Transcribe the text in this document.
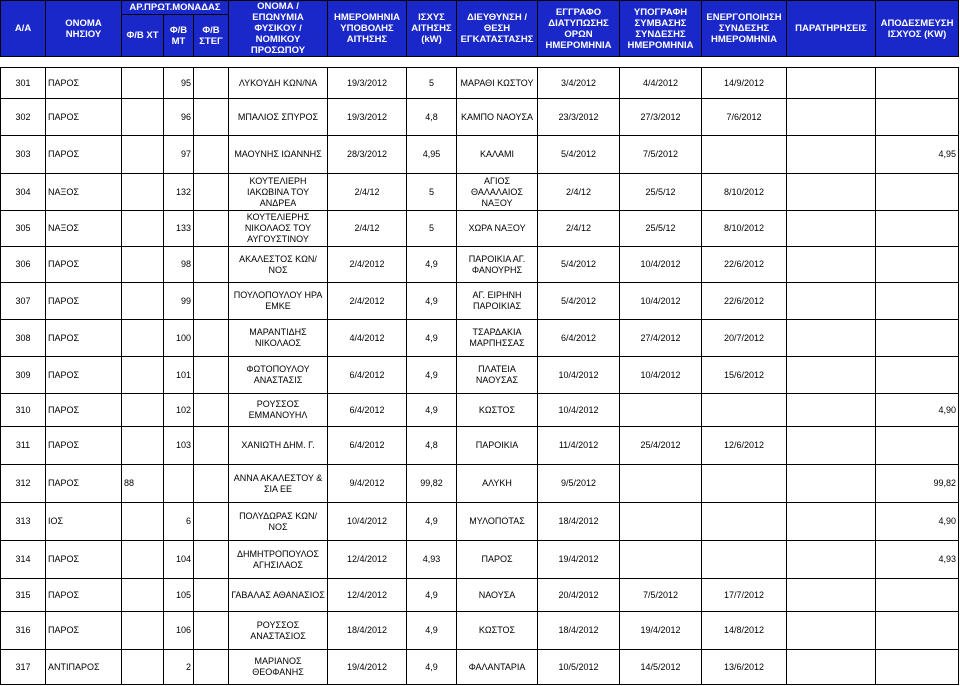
Α/Α	ΟΝΟΜΑ ΝΗΣΙΟΥ	ΑΡ.ΠΡΩΤ.ΜΟΝΑΔΑΣ			ΟΝΟΜΑ / ΕΠΩΝΥΜΙΑ ΦΥΣΙΚΟΥ / ΝΟΜΙΚΟΥ ΠΡΟΣΩΠΟΥ	ΗΜΕΡΟΜΗΝΙΑ ΥΠΟΒΟΛΗΣ ΑΙΤΗΣΗΣ	ΙΣΧΥΣ ΑΙΤΗΣΗΣ (kW)	ΔΙΕΥΘΥΝΣΗ / ΘΕΣΗ ΕΓΚΑΤΑΣΤΑΣΗΣ	ΕΓΓΡΑΦΟ ΔΙΑΤΥΠΩΣΗΣ ΟΡΩΝ ΗΜΕΡΟΜΗΝΙΑ	ΥΠΟΓΡΑΦΗ ΣΥΜΒΑΣΗΣ ΣΥΝΔΕΣΗΣ ΗΜΕΡΟΜΗΝΙΑ	ΕΝΕΡΓΟΠΟΙΗΣΗ ΣΥΝΔΕΣΗΣ ΗΜΕΡΟΜΗΝΙΑ	ΠΑΡΑΤΗΡΗΣΕΙΣ	ΑΠΟΔΕΣΜΕΥΣΗ ΙΣΧΥΟΣ (KW)
		Φ/Β ΧΤ	Φ/Β ΜΤ	Φ/Β ΣΤΕΓ									

301	ΠΑΡΟΣ		95		ΛΥΚΟΥΔΗ ΚΩΝ/ΝΑ	19/3/2012	5	ΜΑΡΑΘΙ ΚΩΣΤΟΥ	3/4/2012	4/4/2012	14/9/2012		
302	ΠΑΡΟΣ		96		ΜΠΑΛΙΟΣ ΣΠΥΡΟΣ	19/3/2012	4,8	ΚΑΜΠΟ ΝΑΟΥΣΑ	23/3/2012	27/3/2012	7/6/2012		
303	ΠΑΡΟΣ		97		ΜΑΟΥΝΗΣ ΙΩΑΝΝΗΣ	28/3/2012	4,95	ΚΑΛΑΜΙ	5/4/2012	7/5/2012			4,95
304	ΝΑΞΟΣ		132		ΚΟΥΤΕΛΙΕΡΗ ΙΑΚΩΒΙΝΑ ΤΟΥ ΑΝΔΡΕΑ	2/4/12	5	ΑΓΙΟΣ ΘΑΛΑΛΑΙΟΣ ΝΑΞΟΥ	2/4/12	25/5/12	8/10/2012		
305	ΝΑΞΟΣ		133		ΚΟΥΤΕΛΙΕΡΗΣ ΝΙΚΟΛΑΟΣ ΤΟΥ ΑΥΓΟΥΣΤΙΝΟΥ	2/4/12	5	ΧΩΡΑ ΝΑΞΟΥ	2/4/12	25/5/12	8/10/2012		
306	ΠΑΡΟΣ		98		ΑΚΑΛΕΣΤΟΣ ΚΩΝ/ΝΟΣ	2/4/2012	4,9	ΠΑΡΟΙΚΙΑ ΑΓ. ΦΑΝΟΥΡΗΣ	5/4/2012	10/4/2012	22/6/2012		
307	ΠΑΡΟΣ		99		ΠΟΥΛΟΠΟΥΛΟΥ ΗΡΑ ΕΜΚΕ	2/4/2012	4,9	ΑΓ. ΕΙΡΗΝΗ ΠΑΡΟΙΚΙΑΣ	5/4/2012	10/4/2012	22/6/2012		
308	ΠΑΡΟΣ		100		ΜΑΡΑΝΤΙΔΗΣ ΝΙΚΟΛΑΟΣ	4/4/2012	4,9	ΤΣΑΡΔΑΚΙΑ ΜΑΡΠΗΣΣΑΣ	6/4/2012	27/4/2012	20/7/2012		
309	ΠΑΡΟΣ		101		ΦΩΤΟΠΟΥΛΟΥ ΑΝΑΣΤΑΣΙΣ	6/4/2012	4,9	ΠΛΑΤΕΙΑ ΝΑΟΥΣΑΣ	10/4/2012	10/4/2012	15/6/2012		
310	ΠΑΡΟΣ		102		ΡΟΥΣΣΟΣ ΕΜΜΑΝΟΥΗΛ	6/4/2012	4,9	ΚΩΣΤΟΣ	10/4/2012				4,90
311	ΠΑΡΟΣ		103		ΧΑΝΙΩΤΗ ΔΗΜ. Γ.	6/4/2012	4,8	ΠΑΡΟΙΚΙΑ	11/4/2012	25/4/2012	12/6/2012		
312	ΠΑΡΟΣ	88			ΑΝΝΑ ΑΚΑΛΕΣΤΟΥ & ΣΙΑ ΕΕ	9/4/2012	99,82	ΑΛΥΚΗ	9/5/2012				99,82
313	ΙΟΣ		6		ΠΟΛΥΔΩΡΑΣ ΚΩΝ/ΝΟΣ	10/4/2012	4,9	ΜΥΛΟΠΟΤΑΣ	18/4/2012				4,90
314	ΠΑΡΟΣ		104		ΔΗΜΗΤΡΟΠΟΥΛΟΣ ΑΓΗΣΙΛΑΟΣ	12/4/2012	4,93	ΠΑΡΟΣ	19/4/2012				4,93
315	ΠΑΡΟΣ		105		ΓΑΒΑΛΑΣ ΑΘΑΝΑΣΙΟΣ	12/4/2012	4,9	ΝΑΟΥΣΑ	20/4/2012	7/5/2012	17/7/2012		
316	ΠΑΡΟΣ		106		ΡΟΥΣΣΟΣ ΑΝΑΣΤΑΣΙΟΣ	18/4/2012	4,9	ΚΩΣΤΟΣ	18/4/2012	19/4/2012	14/8/2012		
317	ΑΝΤΙΠΑΡΟΣ		2		ΜΑΡΙΑΝΟΣ ΘΕΟΦΑΝΗΣ	19/4/2012	4,9	ΦΑΛΑΝΤΑΡΙΑ	10/5/2012	14/5/2012	13/6/2012		
